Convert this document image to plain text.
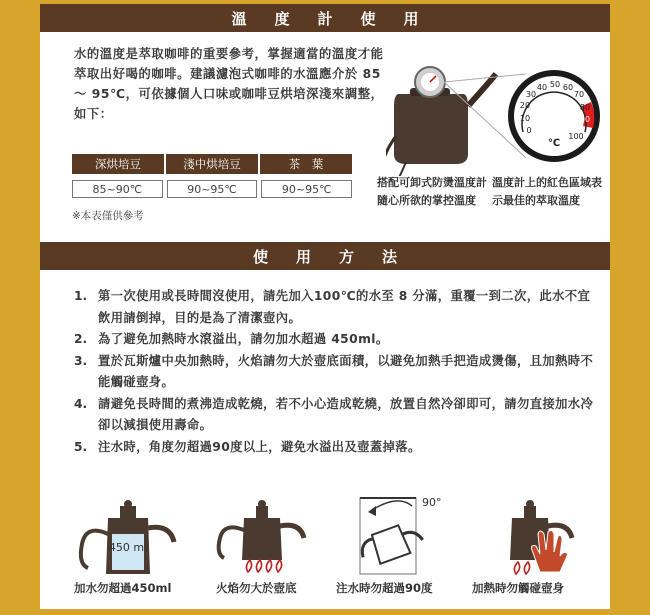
溫 度 計 使 用

水的溫度是萃取咖啡的重要參考，掌握適當的溫度才能萃取出好喝的咖啡。建議濾泡式咖啡的水溫應介於 85 ～ 95℃，可依據個人口味或咖啡豆烘培深淺來調整，如下：

深烘培豆	淺中烘培豆	茶　葉
85~90℃	90~95℃	90~95℃
※本表僅供參考
40 50 60
30	70
20	80
10	90
0
100
℃
搭配可卸式防燙溫度計隨心所欲的掌控溫度
溫度計上的紅色區域表示最佳的萃取溫度
使 用 方 法
1. 第一次使用或長時間沒使用，請先加入100℃的水至 8 分滿，重覆一到二次，此水不宜飲用請倒掉，目的是為了清潔壺內。
2. 為了避免加熱時水滾溢出，請勿加水超過 450ml。
3. 置於瓦斯爐中央加熱時，火焰請勿大於壺底面積，以避免加熱手把造成燙傷，且加熱時不能觸碰壺身。
4. 請避免長時間的煮沸造成乾燒，若不小心造成乾燒，放置自然冷卻即可，請勿直接加水冷卻以減損使用壽命。
5. 注水時，角度勿超過90度以上，避免水溢出及壺蓋掉落。
450 ml
加水勿超過450ml	火焰勿大於壺底
90°
注水時勿超過90度	加熱時勿觸碰壺身
